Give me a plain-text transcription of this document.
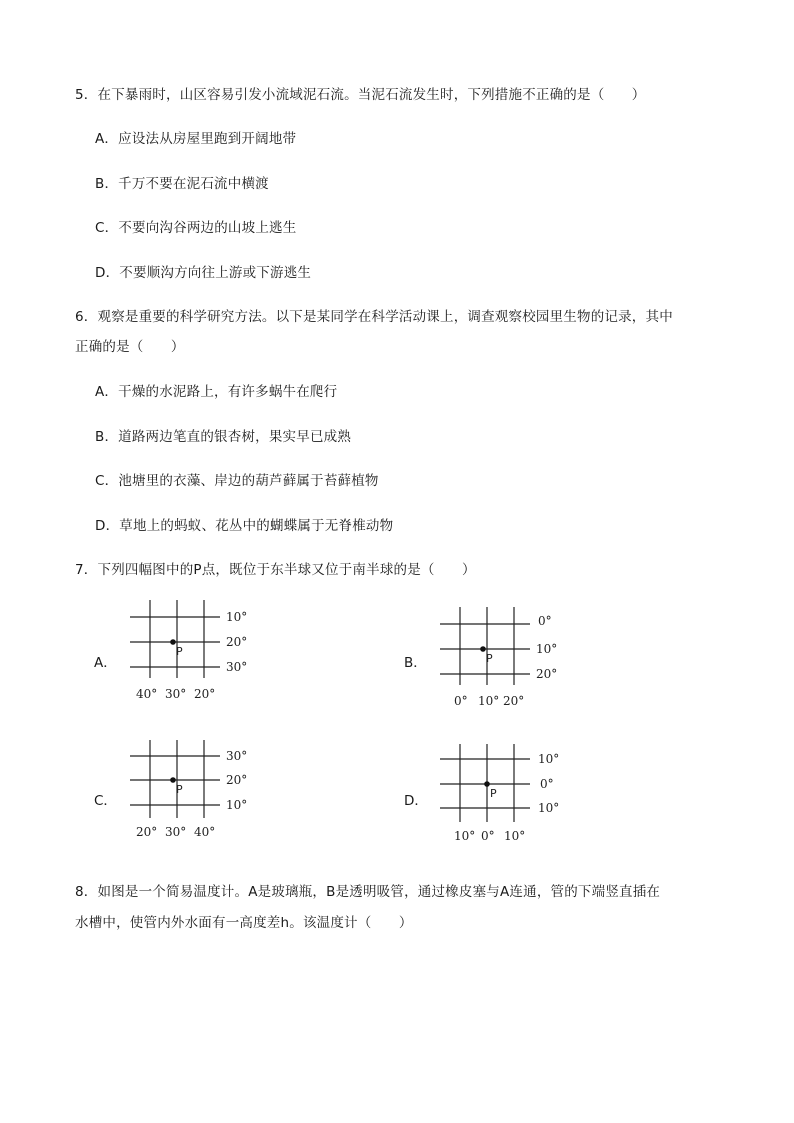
5．在下暴雨时，山区容易引发小流域泥石流。当泥石流发生时，下列措施不正确的是（　　）
A．应设法从房屋里跑到开阔地带
B．千万不要在泥石流中横渡
C．不要向沟谷两边的山坡上逃生
D．不要顺沟方向往上游或下游逃生
6．观察是重要的科学研究方法。以下是某同学在科学活动课上，调查观察校园里生物的记录，其中
正确的是（　　）
A．干燥的水泥路上，有许多蜗牛在爬行
B．道路两边笔直的银杏树，果实早已成熟
C．池塘里的衣藻、岸边的葫芦藓属于苔藓植物
D．草地上的蚂蚁、花丛中的蝴蝶属于无脊椎动物
7．下列四幅图中的P点，既位于东半球又位于南半球的是（　　）
A．
P
10°
20°
30°
40° 30° 20°
B．	P
0°
10°
20°
0° 10° 20°
C．
P
30°
20°
10°
20° 30° 40°
D．	P
10°
0°
10°
10° 0° 10°
8．如图是一个简易温度计。A是玻璃瓶，B是透明吸管，通过橡皮塞与A连通，管的下端竖直插在
水槽中，使管内外水面有一高度差h。该温度计（　　）
